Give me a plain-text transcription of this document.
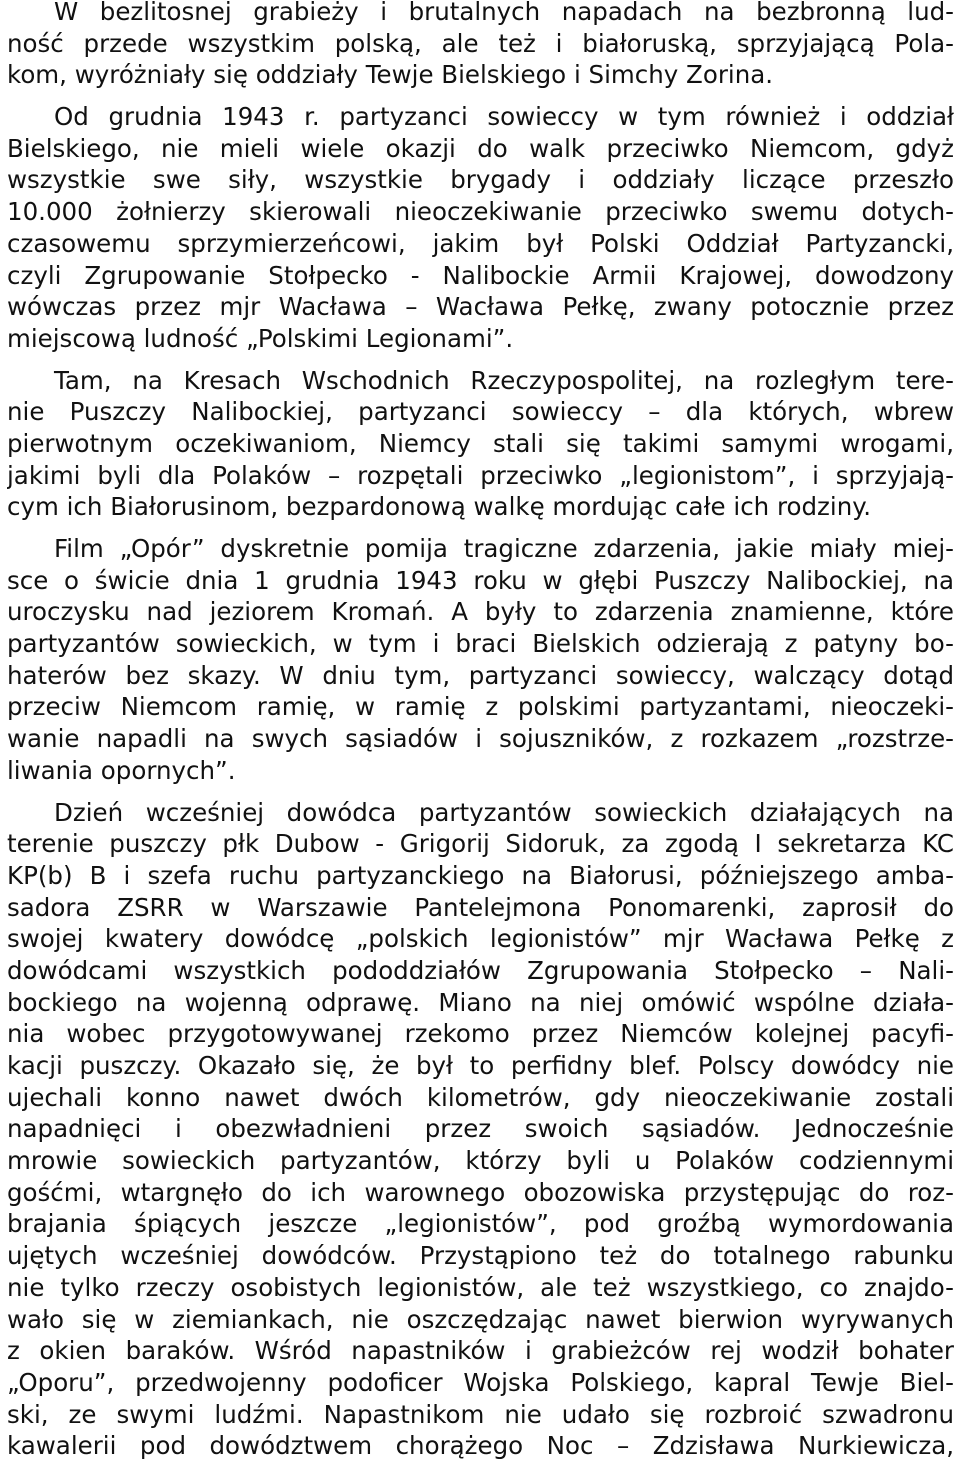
W bezlitosnej grabieży i brutalnych napadach na bezbronną lud-
ność przede wszystkim polską, ale też i białoruską, sprzyjającą Pola-
kom, wyróżniały się oddziały Tewje Bielskiego i Simchy Zorina.
Od grudnia 1943 r. partyzanci sowieccy w tym również i oddział
Bielskiego, nie mieli wiele okazji do walk przeciwko Niemcom, gdyż
wszystkie swe siły, wszystkie brygady i oddziały liczące przeszło
10.000 żołnierzy skierowali nieoczekiwanie przeciwko swemu dotych-
czasowemu sprzymierzeńcowi, jakim był Polski Oddział Partyzancki,
czyli Zgrupowanie Stołpecko - Nalibockie Armii Krajowej, dowodzony
wówczas przez mjr Wacława – Wacława Pełkę, zwany potocznie przez
miejscową ludność „Polskimi Legionami”.
Tam, na Kresach Wschodnich Rzeczypospolitej, na rozległym tere-
nie Puszczy Nalibockiej, partyzanci sowieccy – dla których, wbrew
pierwotnym oczekiwaniom, Niemcy stali się takimi samymi wrogami,
jakimi byli dla Polaków – rozpętali przeciwko „legionistom”, i sprzyjają-
cym ich Białorusinom, bezpardonową walkę mordując całe ich rodziny.
Film „Opór” dyskretnie pomija tragiczne zdarzenia, jakie miały miej-
sce o świcie dnia 1 grudnia 1943 roku w głębi Puszczy Nalibockiej, na
uroczysku nad jeziorem Kromań. A były to zdarzenia znamienne, które
partyzantów sowieckich, w tym i braci Bielskich odzierają z patyny bo-
haterów bez skazy. W dniu tym, partyzanci sowieccy, walczący dotąd
przeciw Niemcom ramię, w ramię z polskimi partyzantami, nieoczeki-
wanie napadli na swych sąsiadów i sojuszników, z rozkazem „rozstrze-
liwania opornych”.
Dzień wcześniej dowódca partyzantów sowieckich działających na
terenie puszczy płk Dubow - Grigorij Sidoruk, za zgodą I sekretarza KC
KP(b) B i szefa ruchu partyzanckiego na Białorusi, późniejszego amba-
sadora ZSRR w Warszawie Pantelejmona Ponomarenki, zaprosił do
swojej kwatery dowódcę „polskich legionistów” mjr Wacława Pełkę z
dowódcami wszystkich pododdziałów Zgrupowania Stołpecko – Nali-
bockiego na wojenną odprawę. Miano na niej omówić wspólne działa-
nia wobec przygotowywanej rzekomo przez Niemców kolejnej pacyfi-
kacji puszczy. Okazało się, że był to perfidny blef. Polscy dowódcy nie
ujechali konno nawet dwóch kilometrów, gdy nieoczekiwanie zostali
napadnięci i obezwładnieni przez swoich sąsiadów. Jednocześnie
mrowie sowieckich partyzantów, którzy byli u Polaków codziennymi
gośćmi, wtargnęło do ich warownego obozowiska przystępując do roz-
brajania śpiących jeszcze „legionistów”, pod groźbą wymordowania
ujętych wcześniej dowódców. Przystąpiono też do totalnego rabunku
nie tylko rzeczy osobistych legionistów, ale też wszystkiego, co znajdo-
wało się w ziemiankach, nie oszczędzając nawet bierwion wyrywanych
z okien baraków. Wśród napastników i grabieżców rej wodził bohater
„Oporu”, przedwojenny podoficer Wojska Polskiego, kapral Tewje Biel-
ski, ze swymi ludźmi. Napastnikom nie udało się rozbroić szwadronu
kawalerii pod dowództwem chorążego Noc – Zdzisława Nurkiewicza,
